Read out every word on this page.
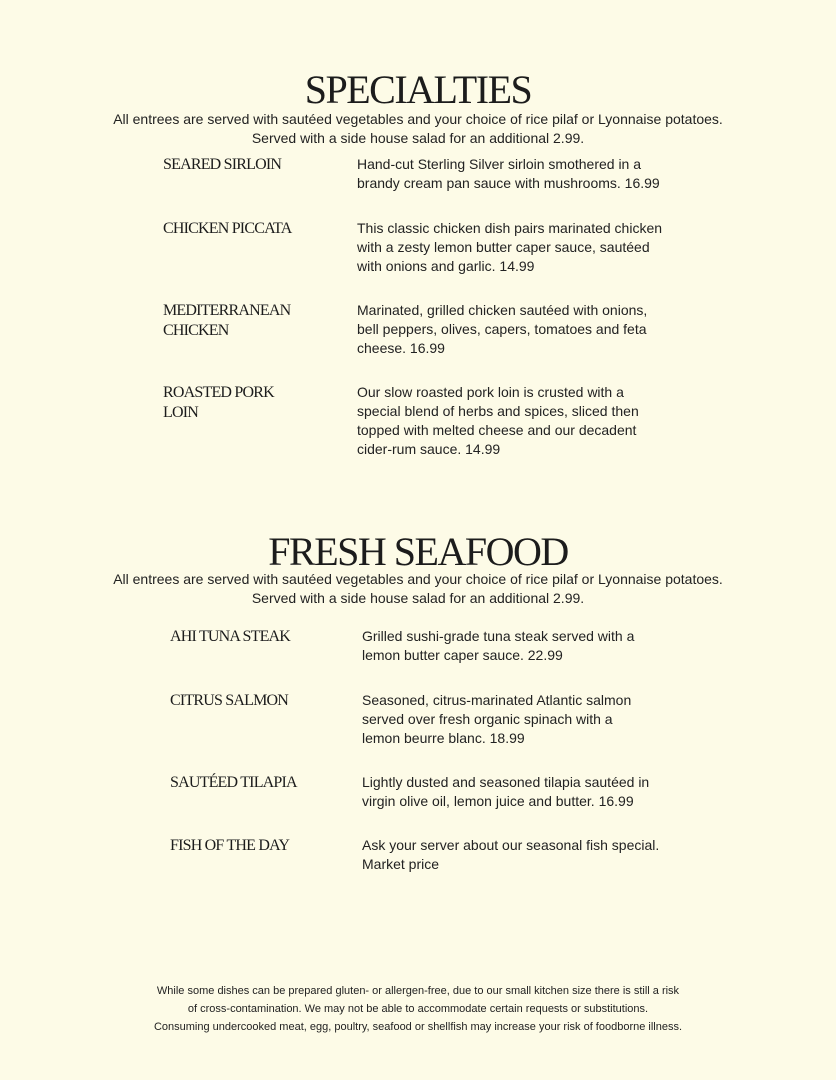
SPECIALTIES
All entrees are served with sautéed vegetables and your choice of rice pilaf or Lyonnaise potatoes.
Served with a side house salad for an additional 2.99.
SEARED SIRLOIN	Hand-cut Sterling Silver sirloin smothered in a
brandy cream pan sauce with mushrooms. 16.99
CHICKEN PICCATA	This classic chicken dish pairs marinated chicken
with a zesty lemon butter caper sauce, sautéed
with onions and garlic. 14.99
MEDITERRANEAN CHICKEN
Marinated, grilled chicken sautéed with onions,
bell peppers, olives, capers, tomatoes and feta
cheese. 16.99
ROASTED PORK LOIN
Our slow roasted pork loin is crusted with a
special blend of herbs and spices, sliced then
topped with melted cheese and our decadent
cider-rum sauce. 14.99
FRESH SEAFOOD
All entrees are served with sautéed vegetables and your choice of rice pilaf or Lyonnaise potatoes.
Served with a side house salad for an additional 2.99.
AHI TUNA STEAK	Grilled sushi-grade tuna steak served with a
lemon butter caper sauce. 22.99
CITRUS SALMON	Seasoned, citrus-marinated Atlantic salmon
served over fresh organic spinach with a
lemon beurre blanc. 18.99
SAUTÉED TILAPIA	Lightly dusted and seasoned tilapia sautéed in
virgin olive oil, lemon juice and butter. 16.99
FISH OF THE DAY	Ask your server about our seasonal fish special.
Market price
While some dishes can be prepared gluten- or allergen-free, due to our small kitchen size there is still a risk
of cross-contamination. We may not be able to accommodate certain requests or substitutions.
Consuming undercooked meat, egg, poultry, seafood or shellfish may increase your risk of foodborne illness.
